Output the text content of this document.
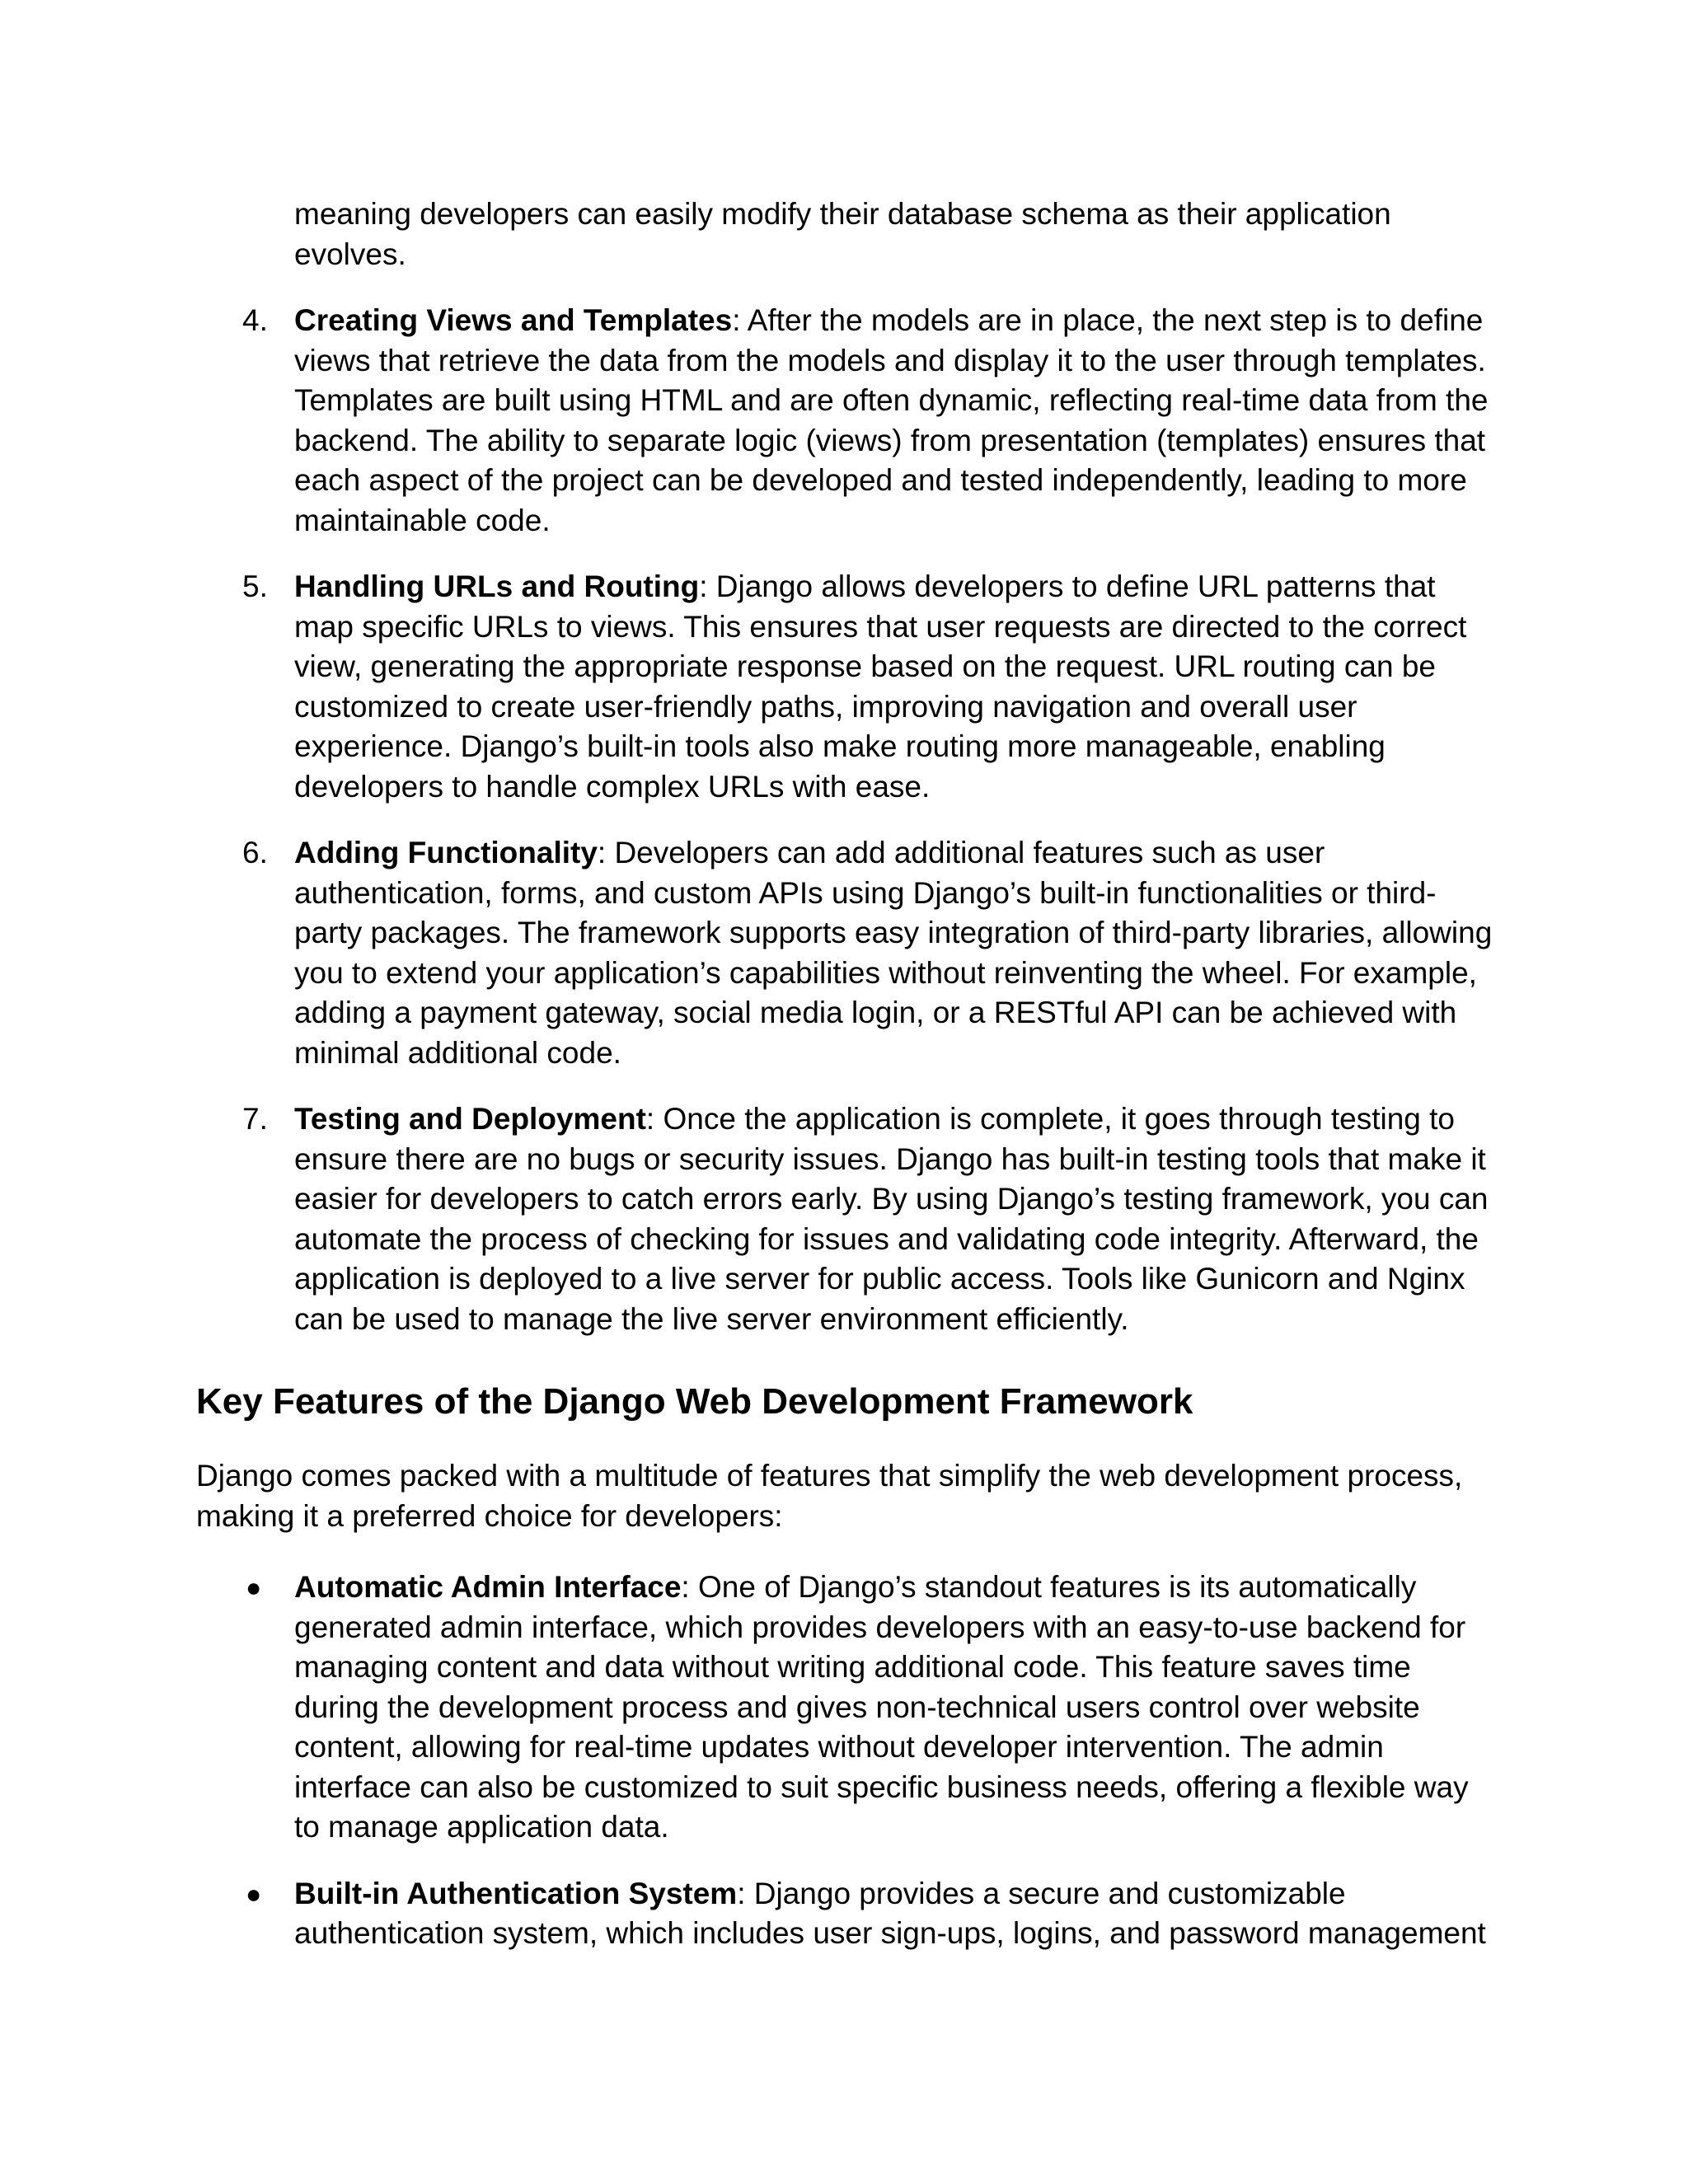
meaning developers can easily modify their database schema as their application evolves.

4. Creating Views and Templates: After the models are in place, the next step is to define views that retrieve the data from the models and display it to the user through templates. Templates are built using HTML and are often dynamic, reflecting real-time data from the backend. The ability to separate logic (views) from presentation (templates) ensures that each aspect of the project can be developed and tested independently, leading to more maintainable code.
5. Handling URLs and Routing: Django allows developers to define URL patterns that map specific URLs to views. This ensures that user requests are directed to the correct view, generating the appropriate response based on the request. URL routing can be customized to create user-friendly paths, improving navigation and overall user experience. Django’s built-in tools also make routing more manageable, enabling developers to handle complex URLs with ease.
6. Adding Functionality: Developers can add additional features such as user authentication, forms, and custom APIs using Django’s built-in functionalities or third-party packages. The framework supports easy integration of third-party libraries, allowing you to extend your application’s capabilities without reinventing the wheel. For example, adding a payment gateway, social media login, or a RESTful API can be achieved with minimal additional code.
7. Testing and Deployment: Once the application is complete, it goes through testing to ensure there are no bugs or security issues. Django has built-in testing tools that make it easier for developers to catch errors early. By using Django’s testing framework, you can automate the process of checking for issues and validating code integrity. Afterward, the application is deployed to a live server for public access. Tools like Gunicorn and Nginx can be used to manage the live server environment efficiently.
Key Features of the Django Web Development Framework

Django comes packed with a multitude of features that simplify the web development process, making it a preferred choice for developers:

● Automatic Admin Interface: One of Django’s standout features is its automatically generated admin interface, which provides developers with an easy-to-use backend for managing content and data without writing additional code. This feature saves time during the development process and gives non-technical users control over website content, allowing for real-time updates without developer intervention. The admin interface can also be customized to suit specific business needs, offering a flexible way to manage application data.
● Built-in Authentication System: Django provides a secure and customizable authentication system, which includes user sign-ups, logins, and password management
